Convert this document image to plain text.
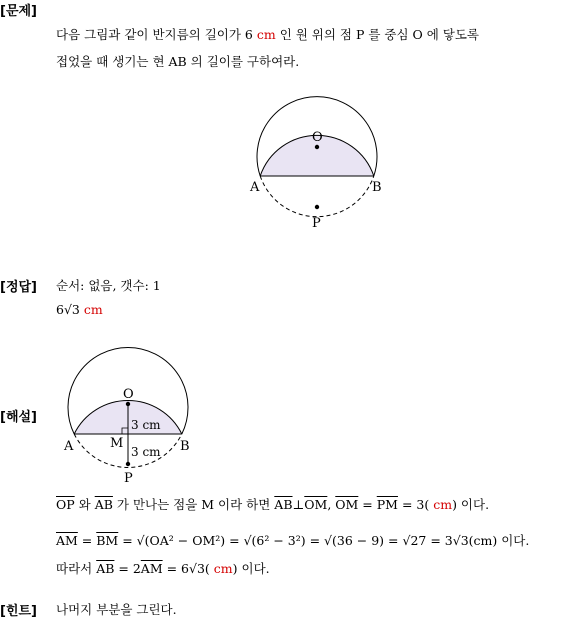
[문제]
다음 그림과 같이 반지름의 길이가 6 cm 인 원 위의 점 P 를 중심 O 에 닿도록
접었을 때 생기는 현 AB 의 길이를 구하여라.
O
A	B
P
[정답] 순서: 없음, 갯수: 1
6√3 cm
[해설]
O
A	M	B
P
3 cm
3 cm
$\overline{OP}$ 와 $\overline{AB}$ 가 만나는 점을 M 이라 하면 $\overline{AB}\perp\overline{OM}$, $\overline{OM} = \overline{PM} = 3$( cm) 이다.
$\overline{AM} = \overline{BM} = √(OA^2 - OM^2) = √(6^2 - 3^2) = √(36 - 9) = √27 = 3√3(cm)$ 이다.
따라서 $\overline{AB} = 2\overline{AM} = 6√3$( cm) 이다.
[힌트] 나머지 부분을 그린다.
